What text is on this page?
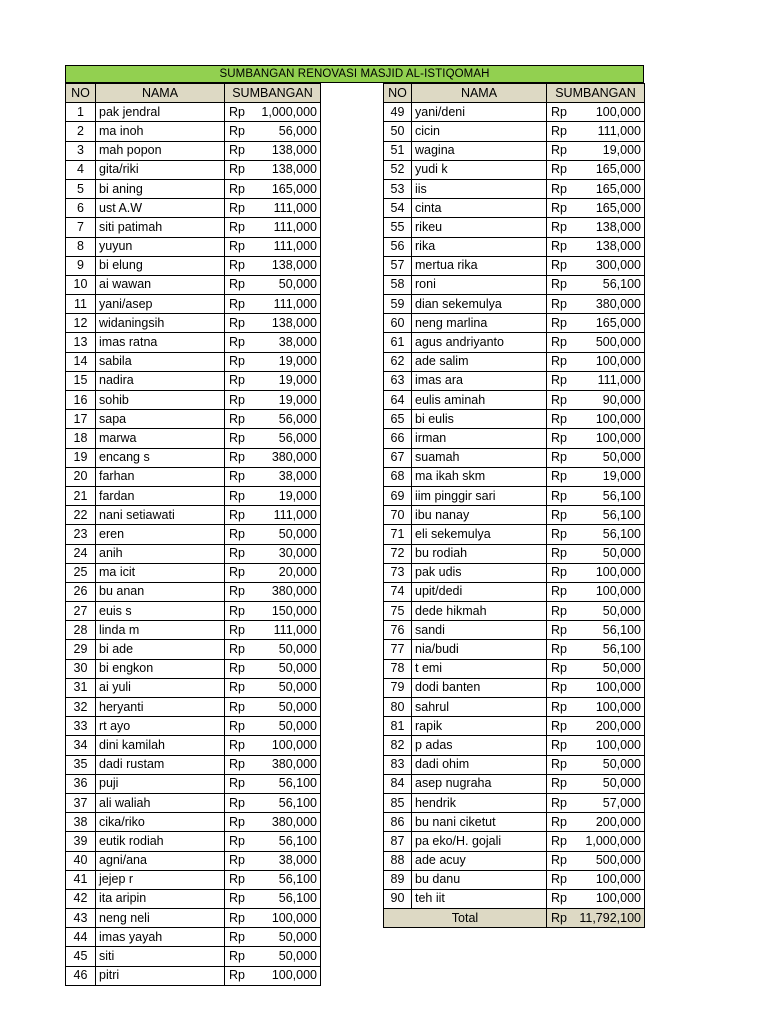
SUMBANGAN RENOVASI MASJID AL-ISTIQOMAH
NO	NAMA	SUMBANGAN
1	pak jendral	Rp 1,000,000

2	ma inoh	Rp 56,000

3	mah popon	Rp 138,000

4	gita/riki	Rp 138,000

5	bi aning	Rp 165,000

6	ust A.W	Rp 111,000

7	siti patimah	Rp 111,000

8	yuyun	Rp 111,000

9	bi elung	Rp 138,000

10	ai wawan	Rp 50,000

11	yani/asep	Rp 111,000

12	widaningsih	Rp 138,000

13	imas ratna	Rp 38,000

14	sabila	Rp 19,000

15	nadira	Rp 19,000

16	sohib	Rp 19,000

17	sapa	Rp 56,000

18	marwa	Rp 56,000

19	encang s	Rp 380,000

20	farhan	Rp 38,000

21	fardan	Rp 19,000

22	nani setiawati	Rp 111,000

23	eren	Rp 50,000

24	anih	Rp 30,000

25	ma icit	Rp 20,000

26	bu anan	Rp 380,000

27	euis s	Rp 150,000

28	linda m	Rp 111,000

29	bi ade	Rp 50,000

30	bi engkon	Rp 50,000

31	ai yuli	Rp 50,000

32	heryanti	Rp 50,000

33	rt ayo	Rp 50,000

34	dini kamilah	Rp 100,000

35	dadi rustam	Rp 380,000

36	puji	Rp 56,100

37	ali waliah	Rp 56,100

38	cika/riko	Rp 380,000

39	eutik rodiah	Rp 56,100

40	agni/ana	Rp 38,000

41	jejep r	Rp 56,100

42	ita aripin	Rp 56,100

43	neng neli	Rp 100,000

44	imas yayah	Rp 50,000

45	siti	Rp 50,000

46	pitri	Rp 100,000
NO	NAMA	SUMBANGAN
49	yani/deni	Rp 100,000

50	cicin	Rp 111,000

51	wagina	Rp 19,000

52	yudi k	Rp 165,000

53	iis	Rp 165,000

54	cinta	Rp 165,000

55	rikeu	Rp 138,000

56	rika	Rp 138,000

57	mertua rika	Rp 300,000

58	roni	Rp 56,100

59	dian sekemulya	Rp 380,000

60	neng marlina	Rp 165,000

61	agus andriyanto	Rp 500,000

62	ade salim	Rp 100,000

63	imas ara	Rp 111,000

64	eulis aminah	Rp 90,000

65	bi eulis	Rp 100,000

66	irman	Rp 100,000

67	suamah	Rp 50,000

68	ma ikah skm	Rp 19,000

69	iim pinggir sari	Rp 56,100

70	ibu nanay	Rp 56,100

71	eli sekemulya	Rp 56,100

72	bu rodiah	Rp 50,000

73	pak udis	Rp 100,000

74	upit/dedi	Rp 100,000

75	dede hikmah	Rp 50,000

76	sandi	Rp 56,100

77	nia/budi	Rp 56,100

78	t emi	Rp 50,000

79	dodi banten	Rp 100,000

80	sahrul	Rp 100,000

81	rapik	Rp 200,000

82	p adas	Rp 100,000

83	dadi ohim	Rp 50,000

84	asep nugraha	Rp 50,000

85	hendrik	Rp 57,000

86	bu nani ciketut	Rp 200,000

87	pa eko/H. gojali	Rp 1,000,000

88	ade acuy	Rp 500,000

89	bu danu	Rp 100,000

90	teh iit	Rp 100,000

Total		Rp 11,792,100
